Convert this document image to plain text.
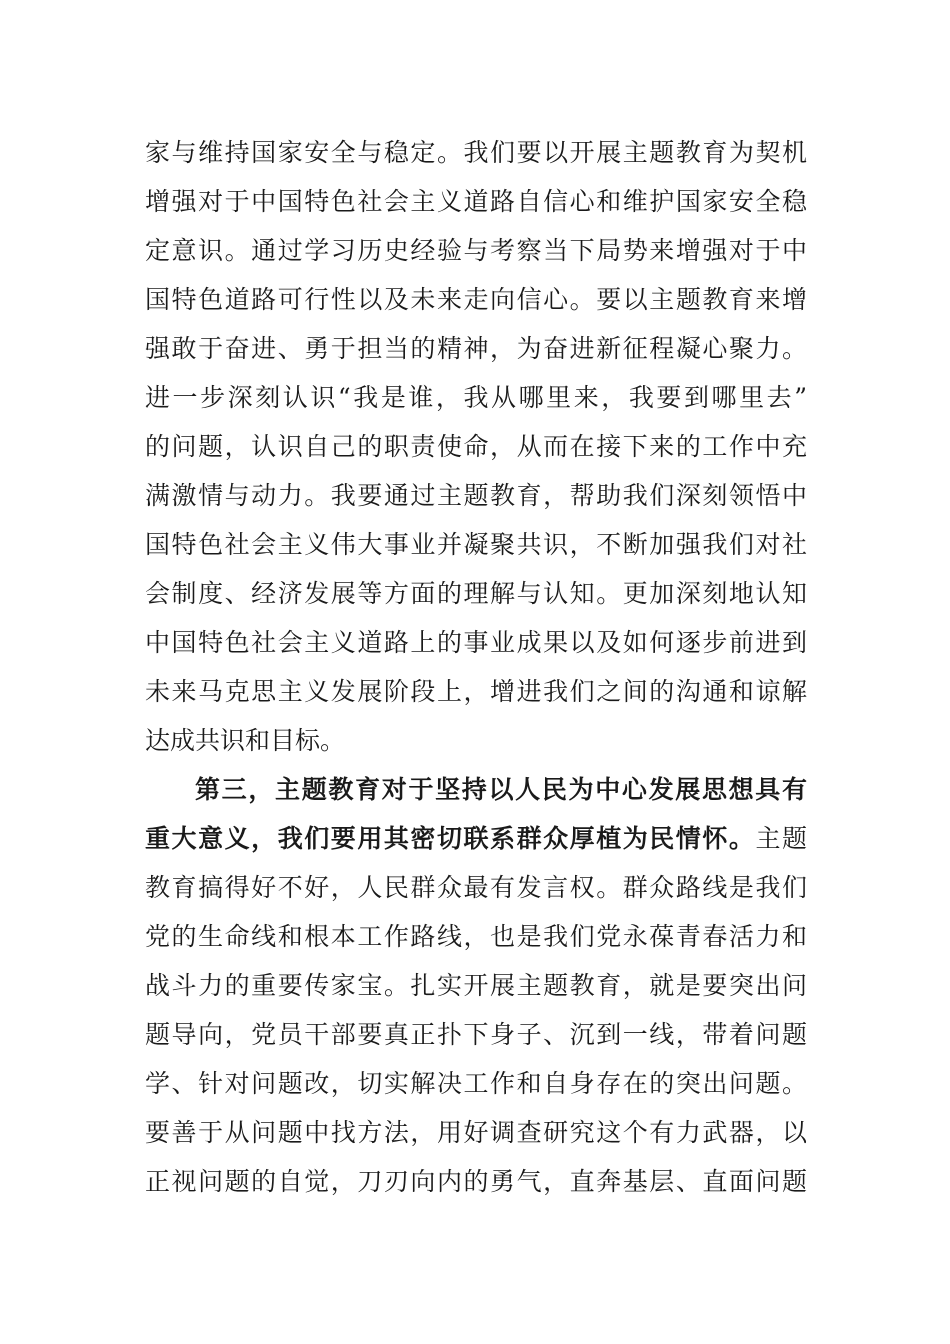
家与维持国家安全与稳定。我们要以开展主题教育为契机
增强对于中国特色社会主义道路自信心和维护国家安全稳
定意识。通过学习历史经验与考察当下局势来增强对于中
国特色道路可行性以及未来走向信心。要以主题教育来增
强敢于奋进、勇于担当的精神，为奋进新征程凝心聚力。
进一步深刻认识“我是谁，我从哪里来，我要到哪里去”
的问题，认识自己的职责使命，从而在接下来的工作中充
满激情与动力。我要通过主题教育，帮助我们深刻领悟中
国特色社会主义伟大事业并凝聚共识，不断加强我们对社
会制度、经济发展等方面的理解与认知。更加深刻地认知
中国特色社会主义道路上的事业成果以及如何逐步前进到
未来马克思主义发展阶段上，增进我们之间的沟通和谅解
达成共识和目标。
第三，主题教育对于坚持以人民为中心发展思想具有
重大意义，我们要用其密切联系群众厚植为民情怀。主题
教育搞得好不好，人民群众最有发言权。群众路线是我们
党的生命线和根本工作路线，也是我们党永葆青春活力和
战斗力的重要传家宝。扎实开展主题教育，就是要突出问
题导向，党员干部要真正扑下身子、沉到一线，带着问题
学、针对问题改，切实解决工作和自身存在的突出问题。
要善于从问题中找方法，用好调查研究这个有力武器，以
正视问题的自觉，刀刃向内的勇气，直奔基层、直面问题
